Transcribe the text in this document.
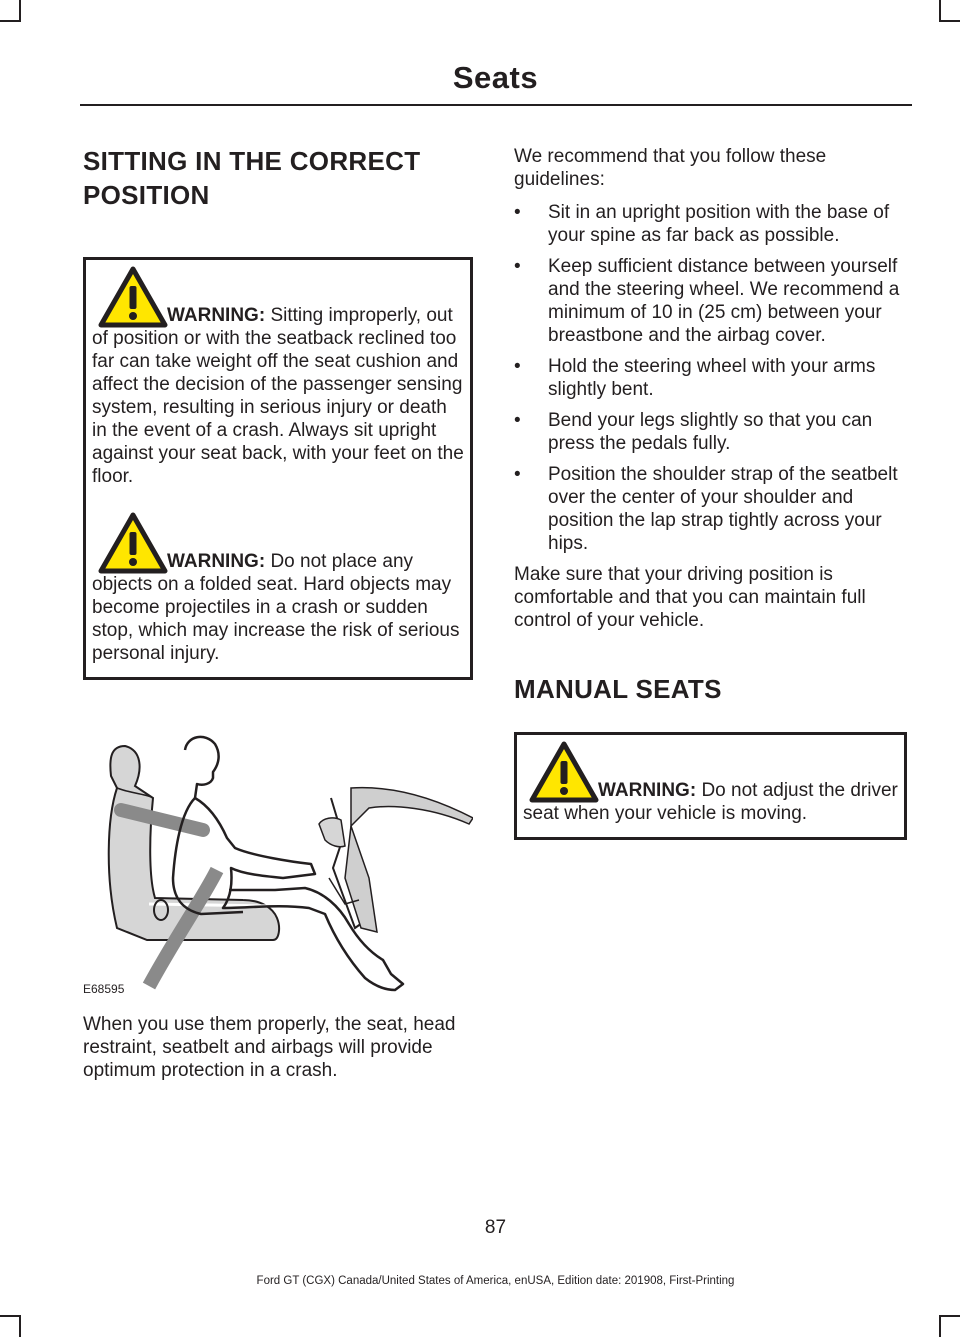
Seats
SITTING IN THE CORRECT
POSITION

WARNING: Sitting improperly, out of position or with the seatback reclined too far can take weight off the seat cushion and affect the decision of the passenger sensing system, resulting in serious injury or death in the event of a crash. Always sit upright against your seat back, with your feet on the floor.

WARNING: Do not place any objects on a folded seat. Hard objects may become projectiles in a crash or sudden stop, which may increase the risk of serious personal injury.

E68595

When you use them properly, the seat, head restraint, seatbelt and airbags will provide optimum protection in a crash.

We recommend that you follow these guidelines:

• Sit in an upright position with the base of your spine as far back as possible.
• Keep sufficient distance between yourself and the steering wheel. We recommend a minimum of 10 in (25 cm) between your breastbone and the airbag cover.
• Hold the steering wheel with your arms slightly bent.
• Bend your legs slightly so that you can press the pedals fully.
• Position the shoulder strap of the seatbelt over the center of your shoulder and position the lap strap tightly across your hips.

Make sure that your driving position is comfortable and that you can maintain full control of your vehicle.

MANUAL SEATS

WARNING: Do not adjust the driver seat when your vehicle is moving.

87
Ford GT (CGX) Canada/United States of America, enUSA, Edition date: 201908, First-Printing
